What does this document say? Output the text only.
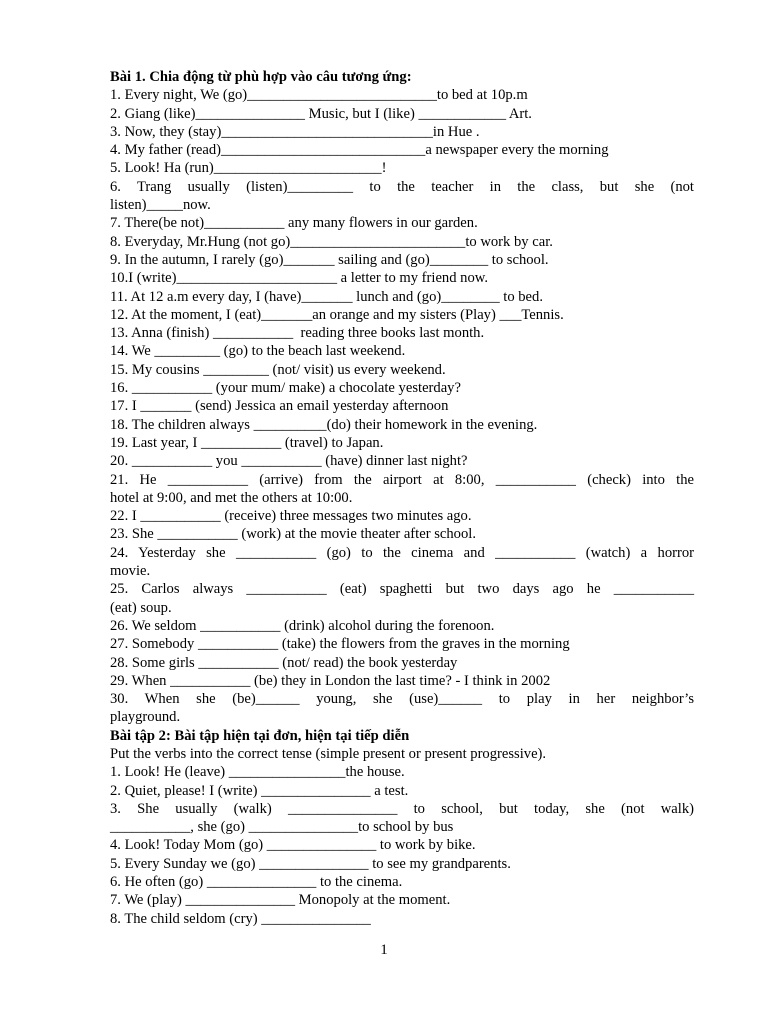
Bài 1. Chia động từ phù hợp vào câu tương ứng:
1. Every night, We (go)__________________________to bed at 10p.m
2. Giang (like)_______________ Music, but I (like) ____________ Art.
3. Now, they (stay)_____________________________in Hue .
4. My father (read)____________________________a newspaper every the morning
5. Look! Ha (run)_______________________!
6. Trang usually (listen)_________ to the teacher in the class, but she (not
listen)_____now.
7. There(be not)___________ any many flowers in our garden.
8. Everyday, Mr.Hung (not go)________________________to work by car.
9. In the autumn, I rarely (go)_______ sailing and (go)________ to school.
10.I (write)______________________ a letter to my friend now.
11. At 12 a.m every day, I (have)_______ lunch and (go)________ to bed.
12. At the moment, I (eat)_______an orange and my sisters (Play) ___Tennis.
13. Anna (finish) ___________  reading three books last month.
14. We _________ (go) to the beach last weekend.
15. My cousins _________ (not/ visit) us every weekend.
16. ___________ (your mum/ make) a chocolate yesterday?
17. I _______ (send) Jessica an email yesterday afternoon
18. The children always __________(do) their homework in the evening.
19. Last year, I ___________ (travel) to Japan.
20. ___________ you ___________ (have) dinner last night?
21. He ___________ (arrive) from the airport at 8:00, ___________ (check) into the
hotel at 9:00, and met the others at 10:00.
22. I ___________ (receive) three messages two minutes ago.
23. She ___________ (work) at the movie theater after school.
24. Yesterday she ___________ (go) to the cinema and ___________ (watch) a horror
movie.
25. Carlos always ___________ (eat) spaghetti but two days ago he ___________
(eat) soup.
26. We seldom ___________ (drink) alcohol during the forenoon.
27. Somebody ___________ (take) the flowers from the graves in the morning
28. Some girls ___________ (not/ read) the book yesterday
29. When ___________ (be) they in London the last time? - I think in 2002
30. When she (be)______ young, she (use)______ to play in her neighbor’s
playground.
Bài tập 2: Bài tập hiện tại đơn, hiện tại tiếp diễn
Put the verbs into the correct tense (simple present or present progressive).
1. Look! He (leave) ________________the house.
2. Quiet, please! I (write) _______________ a test.
3. She usually (walk) _______________ to school, but today, she (not walk)
___________, she (go) _______________to school by bus
4. Look! Today Mom (go) _______________ to work by bike.
5. Every Sunday we (go) _______________ to see my grandparents.
6. He often (go) _______________ to the cinema.
7. We (play) _______________ Monopoly at the moment.
8. The child seldom (cry) _______________
1
